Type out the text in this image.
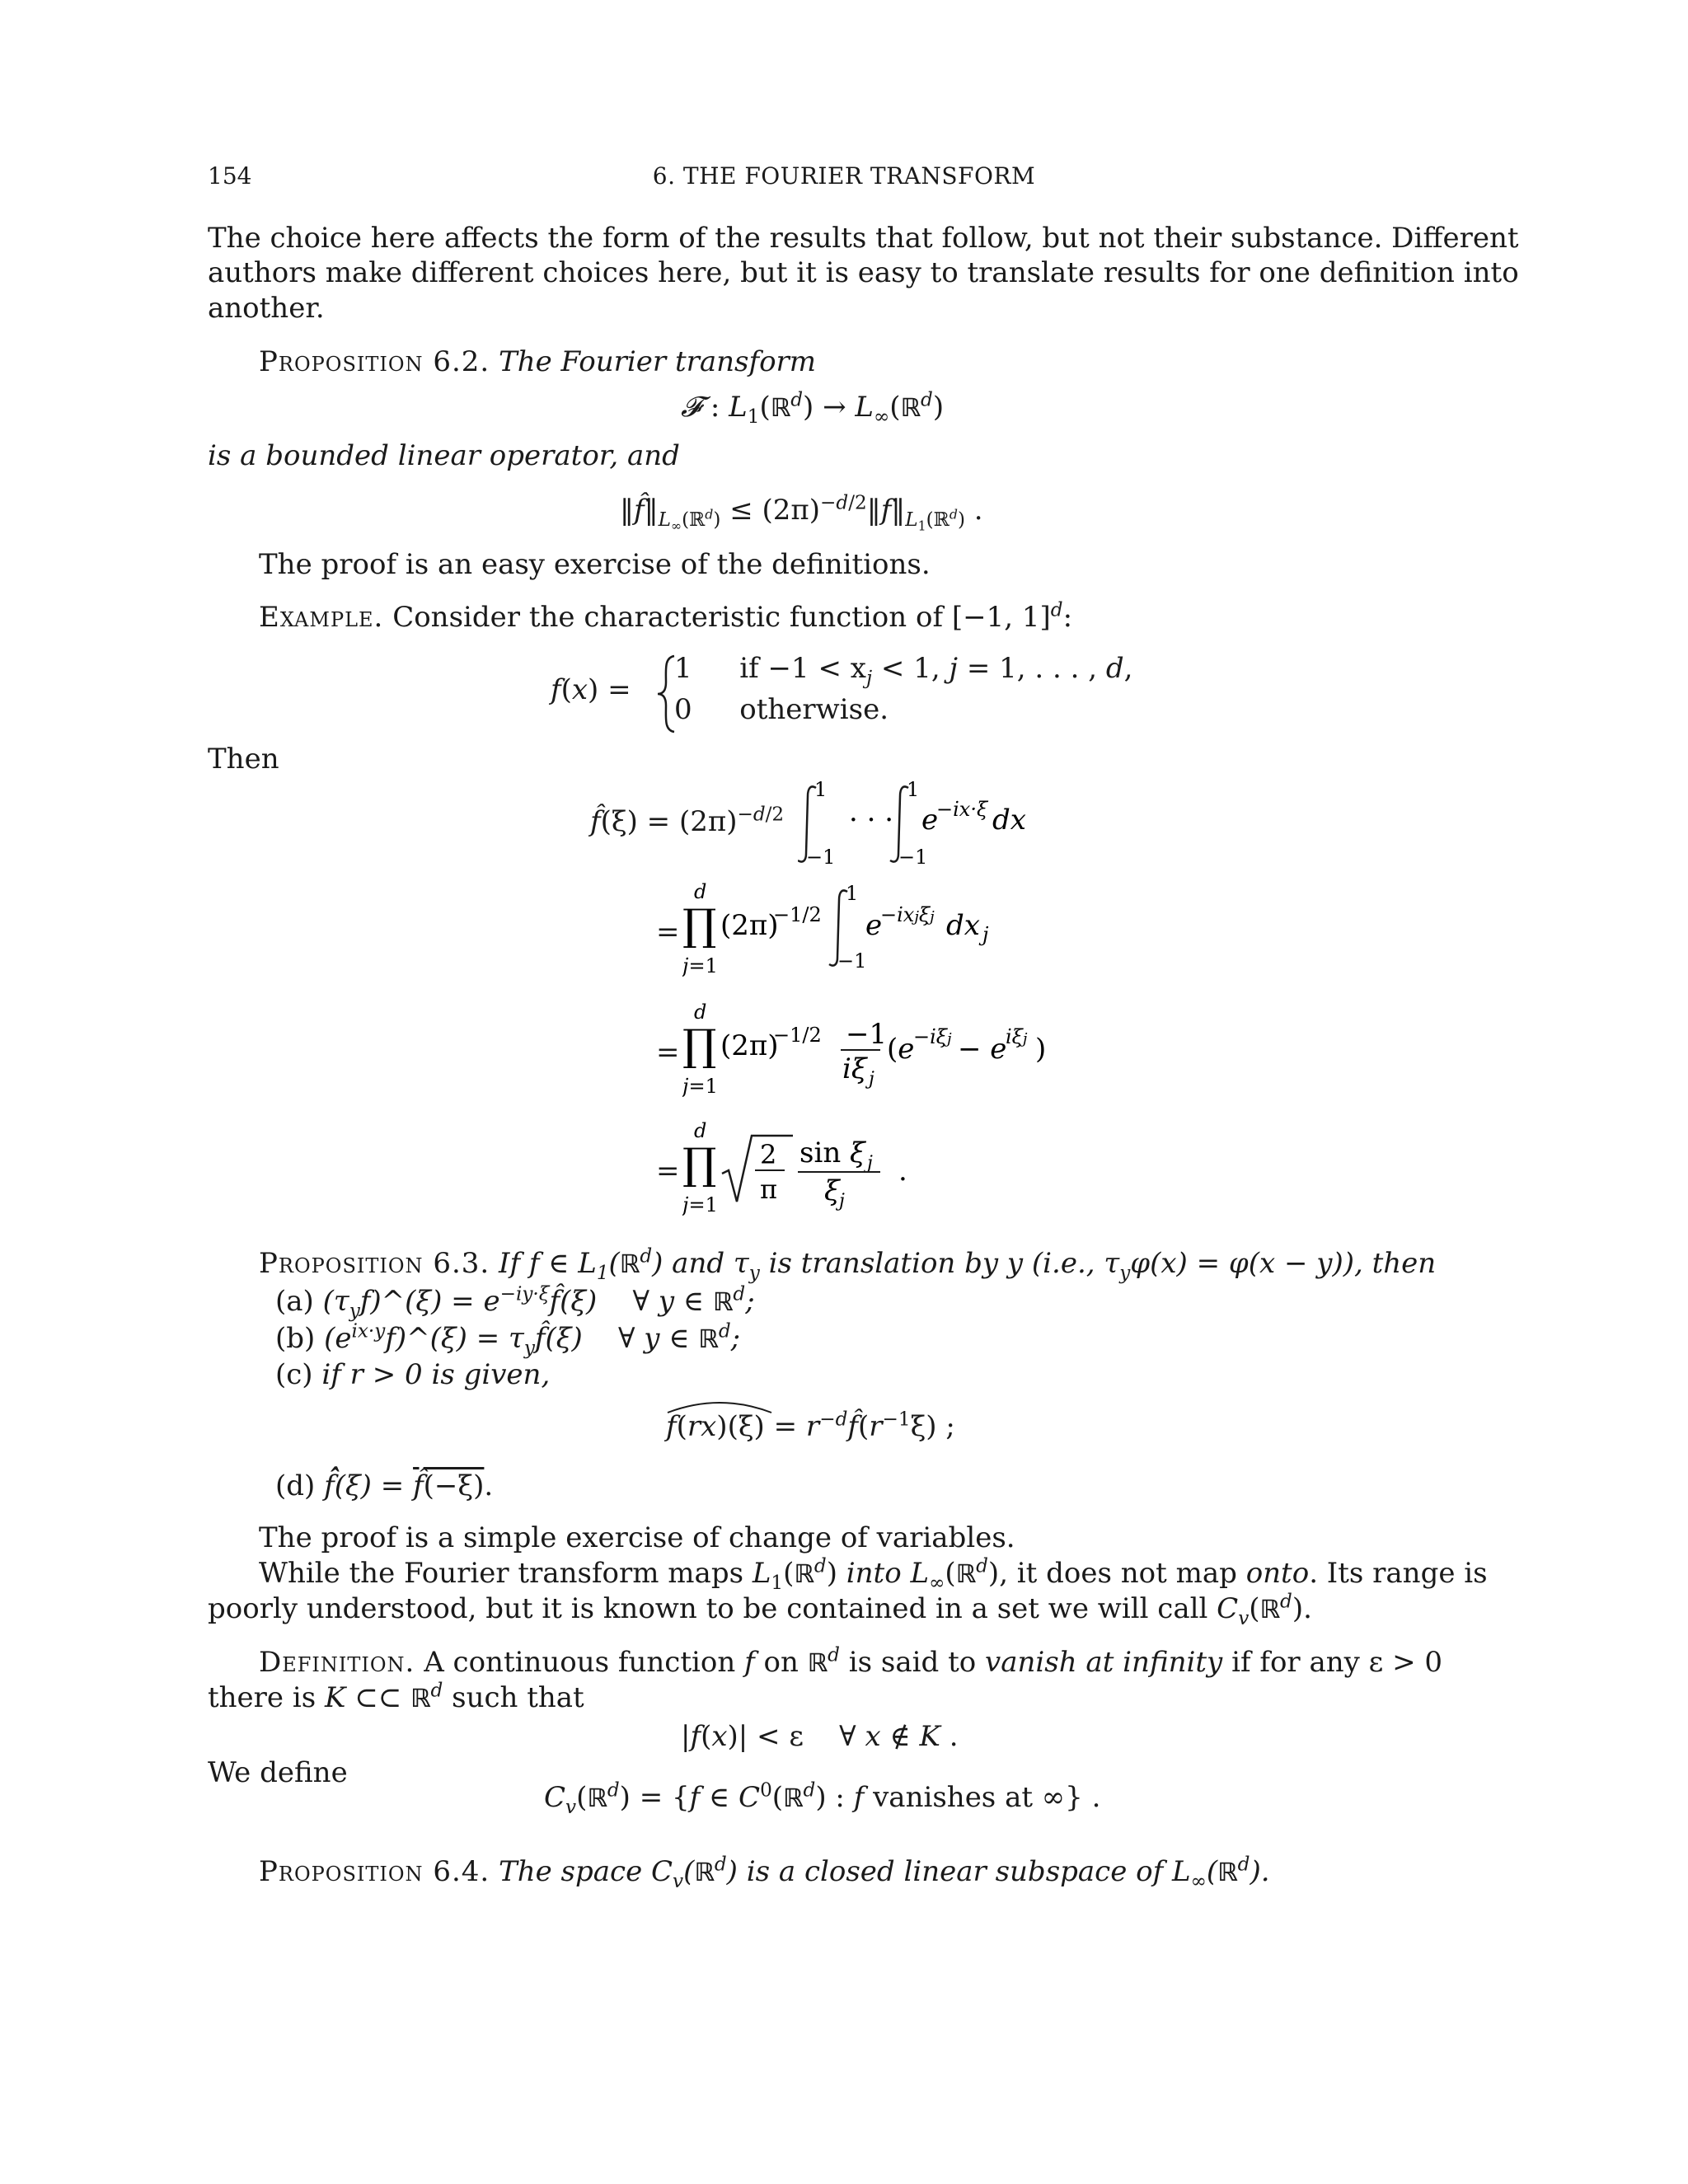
154	6. THE FOURIER TRANSFORM
The choice here affects the form of the results that follow, but not their substance. Different
authors make different choices here, but it is easy to translate results for one definition into
another.
Proposition 6.2. The Fourier transform
𝓕 : $L_1(ℝ^d)$ → $L_\infty(ℝ^d)$
is a bounded linear operator, and
$‖f̂‖_{L_\infty(ℝ^d)}$ ≤ $(2\pi)^{-d/2}‖f‖_{L_1(ℝ^d)}$ .
The proof is an easy exercise of the definitions.
Example. Consider the characteristic function of [−1, 1]$^d$:
f(x) =
1 if $-1 < x_j < 1$, j = 1, . . . , d,
0 otherwise.
Then
f̂(ξ) = $(2\pi)^{-d/2}$
1
−1
· · ·
1
−1
e
−ix·ξ dx
=
d
∏
j=1
(2π)
−1/2
1
−1
e
−ixjξj dx j
=
d
∏
j=1
(2π)
−1/2 −1
iξ j
(e
−iξj − e
iξj )
=
d
∏
j=1
2
π
sin ξ j
ξ j
.
Proposition 6.3. If f ∈ $L_1(ℝ^d)$ and $\tau_y$ is translation by y (i.e., $\tau_y\varphi(x) = \varphi(x - y)$), then
(a) $(\tau_yf)\^{}(\xi)$ = $e^{-iy\cdot\xi}f̂(\xi)$    ∀ y ∈ ℝ$^d$;
(b) $(e^{ix\cdot y}f)\^{}(\xi)$ = $\tau_yf̂(\xi)$    ∀ y ∈ ℝ$^d$;
(c) if r > 0 is given,
$f(rx)(\xi) = r^{-d}f̂(r^{-1}\xi)$ ;
(d) f̂̂(ξ) = f̂(−ξ).
The proof is a simple exercise of change of variables.
While the Fourier transform maps $L_1(ℝ^d)$ into $L_\infty(ℝ^d)$, it does not map onto. Its range is
poorly understood, but it is known to be contained in a set we will call $C_v(ℝ^d)$.
Definition. A continuous function f on ℝ$^d$ is said to vanish at infinity if for any ε > 0
there is K ⊂⊂ ℝ$^d$ such that
|f(x)| < ε    ∀ x ∉ K .
We define
$C_v(ℝ^d) = \{f$ ∈ $C^0(ℝ^d)$ : f vanishes at ∞} .
Proposition 6.4. The space $C_v(ℝ^d)$ is a closed linear subspace of $L_\infty(ℝ^d)$.
